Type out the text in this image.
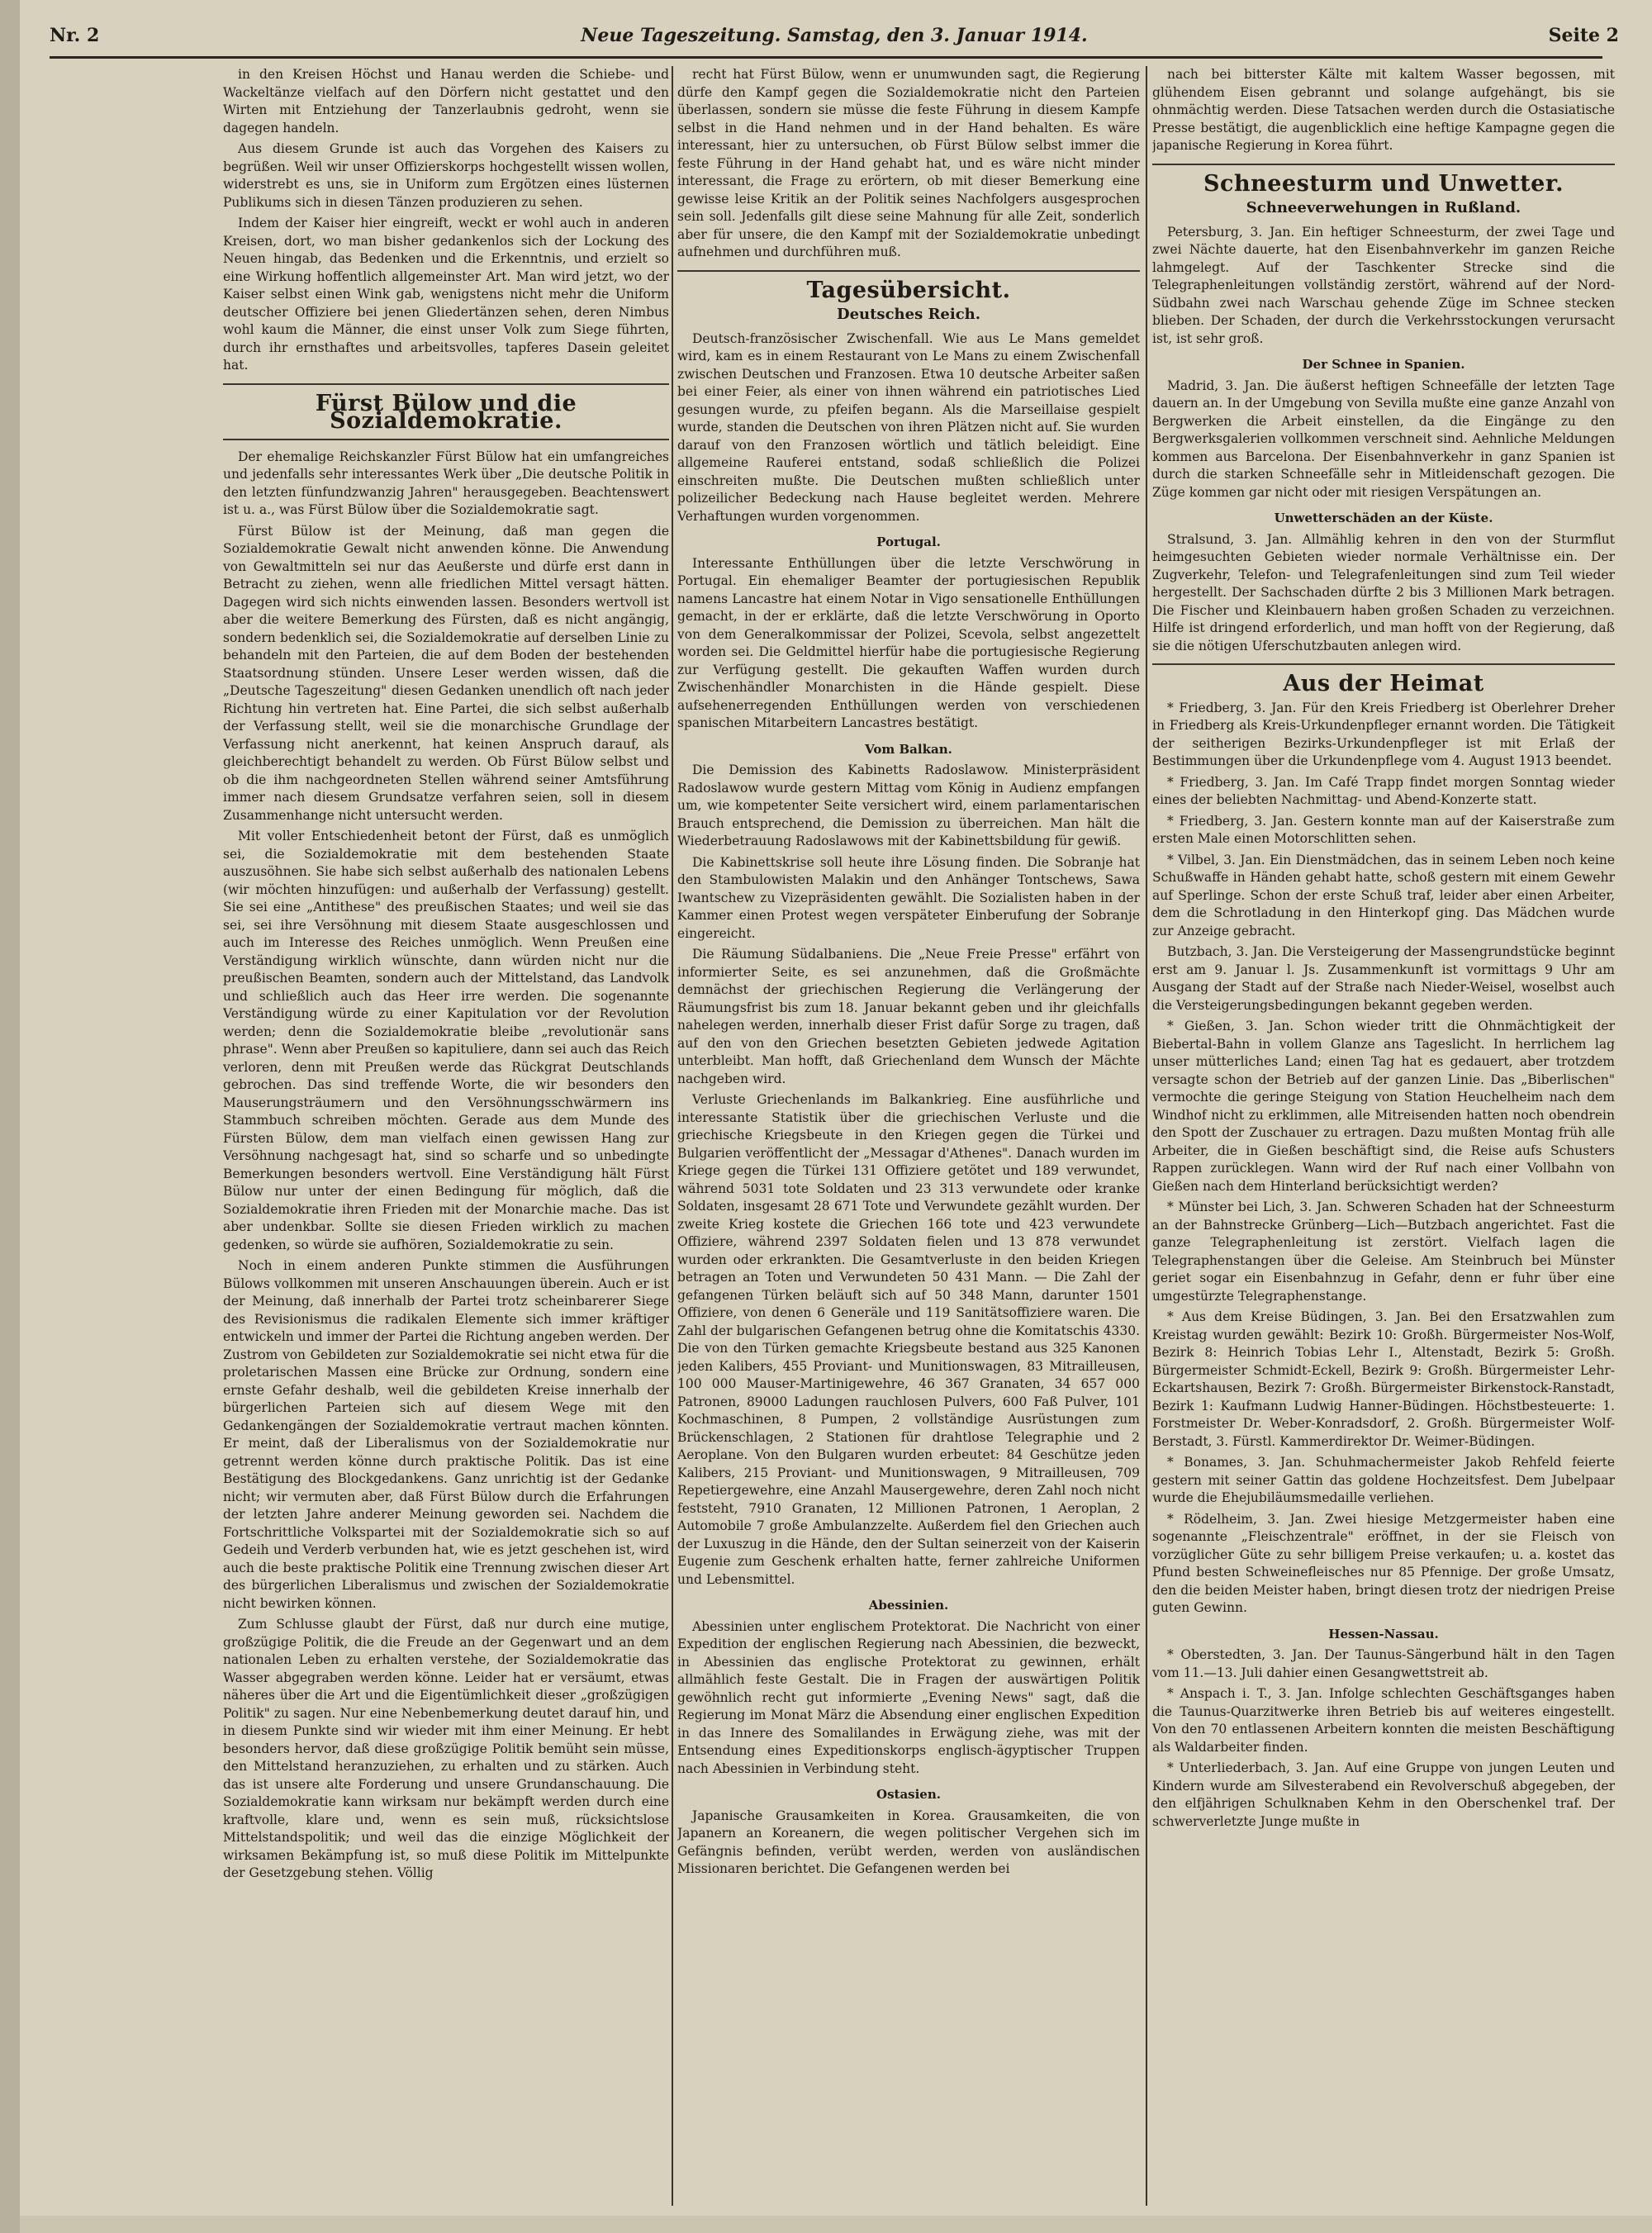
Nr. 2	Neue Tageszeitung. Samstag, den 3. Januar 1914.	Seite 2

in den Kreisen Höchst und Hanau werden die Schiebe- und Wackeltänze vielfach auf den Dörfern nicht gestattet und den Wirten mit Entziehung der Tanzerlaubnis gedroht, wenn sie dagegen handeln.

Aus diesem Grunde ist auch das Vorgehen des Kaisers zu begrüßen. Weil wir unser Offizierskorps hochgestellt wissen wollen, widerstrebt es uns, sie in Uniform zum Ergötzen eines lüsternen Publikums sich in diesen Tänzen produzieren zu sehen.

Indem der Kaiser hier eingreift, weckt er wohl auch in anderen Kreisen, dort, wo man bisher gedankenlos sich der Lockung des Neuen hingab, das Bedenken und die Erkenntnis, und erzielt so eine Wirkung hoffentlich allgemeinster Art. Man wird jetzt, wo der Kaiser selbst einen Wink gab, wenigstens nicht mehr die Uniform deutscher Offiziere bei jenen Gliedertänzen sehen, deren Nimbus wohl kaum die Männer, die einst unser Volk zum Siege führten, durch ihr ernsthaftes und arbeitsvolles, tapferes Dasein geleitet hat.

Fürst Bülow und die Sozialdemokratie.

Der ehemalige Reichskanzler Fürst Bülow hat ein umfangreiches und jedenfalls sehr interessantes Werk über „Die deutsche Politik in den letzten fünfundzwanzig Jahren" herausgegeben. Beachtenswert ist u. a., was Fürst Bülow über die Sozialdemokratie sagt.

Fürst Bülow ist der Meinung, daß man gegen die Sozialdemokratie Gewalt nicht anwenden könne. Die Anwendung von Gewaltmitteln sei nur das Aeußerste und dürfe erst dann in Betracht zu ziehen, wenn alle friedlichen Mittel versagt hätten. Dagegen wird sich nichts einwenden lassen. Besonders wertvoll ist aber die weitere Bemerkung des Fürsten, daß es nicht angängig, sondern bedenklich sei, die Sozialdemokratie auf derselben Linie zu behandeln mit den Parteien, die auf dem Boden der bestehenden Staatsordnung stünden. Unsere Leser werden wissen, daß die „Deutsche Tageszeitung" diesen Gedanken unendlich oft nach jeder Richtung hin vertreten hat. Eine Partei, die sich selbst außerhalb der Verfassung stellt, weil sie die monarchische Grundlage der Verfassung nicht anerkennt, hat keinen Anspruch darauf, als gleichberechtigt behandelt zu werden. Ob Fürst Bülow selbst und ob die ihm nachgeordneten Stellen während seiner Amtsführung immer nach diesem Grundsatze verfahren seien, soll in diesem Zusammenhange nicht untersucht werden.

Mit voller Entschiedenheit betont der Fürst, daß es unmöglich sei, die Sozialdemokratie mit dem bestehenden Staate auszusöhnen. Sie habe sich selbst außerhalb des nationalen Lebens (wir möchten hinzufügen: und außerhalb der Verfassung) gestellt. Sie sei eine „Antithese" des preußischen Staates; und weil sie das sei, sei ihre Versöhnung mit diesem Staate ausgeschlossen und auch im Interesse des Reiches unmöglich. Wenn Preußen eine Verständigung wirklich wünschte, dann würden nicht nur die preußischen Beamten, sondern auch der Mittelstand, das Landvolk und schließlich auch das Heer irre werden. Die sogenannte Verständigung würde zu einer Kapitulation vor der Revolution werden; denn die Sozialdemokratie bleibe „revolutionär sans phrase". Wenn aber Preußen so kapituliere, dann sei auch das Reich verloren, denn mit Preußen werde das Rückgrat Deutschlands gebrochen. Das sind treffende Worte, die wir besonders den Mauserungsträumern und den Versöhnungsschwärmern ins Stammbuch schreiben möchten. Gerade aus dem Munde des Fürsten Bülow, dem man vielfach einen gewissen Hang zur Versöhnung nachgesagt hat, sind so scharfe und so unbedingte Bemerkungen besonders wertvoll. Eine Verständigung hält Fürst Bülow nur unter der einen Bedingung für möglich, daß die Sozialdemokratie ihren Frieden mit der Monarchie mache. Das ist aber undenkbar. Sollte sie diesen Frieden wirklich zu machen gedenken, so würde sie aufhören, Sozialdemokratie zu sein.

Noch in einem anderen Punkte stimmen die Ausführungen Bülows vollkommen mit unseren Anschauungen überein. Auch er ist der Meinung, daß innerhalb der Partei trotz scheinbarerer Siege des Revisionismus die radikalen Elemente sich immer kräftiger entwickeln und immer der Partei die Richtung angeben werden. Der Zustrom von Gebildeten zur Sozialdemokratie sei nicht etwa für die proletarischen Massen eine Brücke zur Ordnung, sondern eine ernste Gefahr deshalb, weil die gebildeten Kreise innerhalb der bürgerlichen Parteien sich auf diesem Wege mit den Gedankengängen der Sozialdemokratie vertraut machen könnten. Er meint, daß der Liberalismus von der Sozialdemokratie nur getrennt werden könne durch praktische Politik. Das ist eine Bestätigung des Blockgedankens. Ganz unrichtig ist der Gedanke nicht; wir vermuten aber, daß Fürst Bülow durch die Erfahrungen der letzten Jahre anderer Meinung geworden sei. Nachdem die Fortschrittliche Volkspartei mit der Sozialdemokratie sich so auf Gedeih und Verderb verbunden hat, wie es jetzt geschehen ist, wird auch die beste praktische Politik eine Trennung zwischen dieser Art des bürgerlichen Liberalismus und zwischen der Sozialdemokratie nicht bewirken können.

Zum Schlusse glaubt der Fürst, daß nur durch eine mutige, großzügige Politik, die die Freude an der Gegenwart und an dem nationalen Leben zu erhalten verstehe, der Sozialdemokratie das Wasser abgegraben werden könne. Leider hat er versäumt, etwas näheres über die Art und die Eigentümlichkeit dieser „großzügigen Politik" zu sagen. Nur eine Nebenbemerkung deutet darauf hin, und in diesem Punkte sind wir wieder mit ihm einer Meinung. Er hebt besonders hervor, daß diese großzügige Politik bemüht sein müsse, den Mittelstand heranzuziehen, zu erhalten und zu stärken. Auch das ist unsere alte Forderung und unsere Grundanschauung. Die Sozialdemokratie kann wirksam nur bekämpft werden durch eine kraftvolle, klare und, wenn es sein muß, rücksichtslose Mittelstandspolitik; und weil das die einzige Möglichkeit der wirksamen Bekämpfung ist, so muß diese Politik im Mittelpunkte der Gesetzgebung stehen. Völlig

recht hat Fürst Bülow, wenn er unumwunden sagt, die Regierung dürfe den Kampf gegen die Sozialdemokratie nicht den Parteien überlassen, sondern sie müsse die feste Führung in diesem Kampfe selbst in die Hand nehmen und in der Hand behalten. Es wäre interessant, hier zu untersuchen, ob Fürst Bülow selbst immer die feste Führung in der Hand gehabt hat, und es wäre nicht minder interessant, die Frage zu erörtern, ob mit dieser Bemerkung eine gewisse leise Kritik an der Politik seines Nachfolgers ausgesprochen sein soll. Jedenfalls gilt diese seine Mahnung für alle Zeit, sonderlich aber für unsere, die den Kampf mit der Sozialdemokratie unbedingt aufnehmen und durchführen muß.

Tagesübersicht.
Deutsches Reich.

Deutsch-französischer Zwischenfall. Wie aus Le Mans gemeldet wird, kam es in einem Restaurant von Le Mans zu einem Zwischenfall zwischen Deutschen und Franzosen. Etwa 10 deutsche Arbeiter saßen bei einer Feier, als einer von ihnen während ein patriotisches Lied gesungen wurde, zu pfeifen begann. Als die Marseillaise gespielt wurde, standen die Deutschen von ihren Plätzen nicht auf. Sie wurden darauf von den Franzosen wörtlich und tätlich beleidigt. Eine allgemeine Rauferei entstand, sodaß schließlich die Polizei einschreiten mußte. Die Deutschen mußten schließlich unter polizeilicher Bedeckung nach Hause begleitet werden. Mehrere Verhaftungen wurden vorgenommen.

Portugal.

Interessante Enthüllungen über die letzte Verschwörung in Portugal. Ein ehemaliger Beamter der portugiesischen Republik namens Lancastre hat einem Notar in Vigo sensationelle Enthüllungen gemacht, in der er erklärte, daß die letzte Verschwörung in Oporto von dem Generalkommissar der Polizei, Scevola, selbst angezettelt worden sei. Die Geldmittel hierfür habe die portugiesische Regierung zur Verfügung gestellt. Die gekauften Waffen wurden durch Zwischenhändler Monarchisten in die Hände gespielt. Diese aufsehenerregenden Enthüllungen werden von verschiedenen spanischen Mitarbeitern Lancastres bestätigt.

Vom Balkan.

Die Demission des Kabinetts Radoslawow. Ministerpräsident Radoslawow wurde gestern Mittag vom König in Audienz empfangen um, wie kompetenter Seite versichert wird, einem parlamentarischen Brauch entsprechend, die Demission zu überreichen. Man hält die Wiederbetrauung Radoslawows mit der Kabinettsbildung für gewiß.

Die Kabinettskrise soll heute ihre Lösung finden. Die Sobranje hat den Stambulowisten Malakin und den Anhänger Tontschews, Sawa Iwantschew zu Vizepräsidenten gewählt. Die Sozialisten haben in der Kammer einen Protest wegen verspäteter Einberufung der Sobranje eingereicht.

Die Räumung Südalbaniens. Die „Neue Freie Presse" erfährt von informierter Seite, es sei anzunehmen, daß die Großmächte demnächst der griechischen Regierung die Verlängerung der Räumungsfrist bis zum 18. Januar bekannt geben und ihr gleichfalls nahelegen werden, innerhalb dieser Frist dafür Sorge zu tragen, daß auf den von den Griechen besetzten Gebieten jedwede Agitation unterbleibt. Man hofft, daß Griechenland dem Wunsch der Mächte nachgeben wird.

Verluste Griechenlands im Balkankrieg. Eine ausführliche und interessante Statistik über die griechischen Verluste und die griechische Kriegsbeute in den Kriegen gegen die Türkei und Bulgarien veröffentlicht der „Messagar d'Athenes". Danach wurden im Kriege gegen die Türkei 131 Offiziere getötet und 189 verwundet, während 5031 tote Soldaten und 23 313 verwundete oder kranke Soldaten, insgesamt 28 671 Tote und Verwundete gezählt wurden. Der zweite Krieg kostete die Griechen 166 tote und 423 verwundete Offiziere, während 2397 Soldaten fielen und 13 878 verwundet wurden oder erkrankten. Die Gesamtverluste in den beiden Kriegen betragen an Toten und Verwundeten 50 431 Mann. — Die Zahl der gefangenen Türken beläuft sich auf 50 348 Mann, darunter 1501 Offiziere, von denen 6 Generäle und 119 Sanitätsoffiziere waren. Die Zahl der bulgarischen Gefangenen betrug ohne die Komitatschis 4330. Die von den Türken gemachte Kriegsbeute bestand aus 325 Kanonen jeden Kalibers, 455 Proviant- und Munitionswagen, 83 Mitrailleusen, 100 000 Mauser-Martinigewehre, 46 367 Granaten, 34 657 000 Patronen, 89000 Ladungen rauchlosen Pulvers, 600 Faß Pulver, 101 Kochmaschinen, 8 Pumpen, 2 vollständige Ausrüstungen zum Brückenschlagen, 2 Stationen für drahtlose Telegraphie und 2 Aeroplane. Von den Bulgaren wurden erbeutet: 84 Geschütze jeden Kalibers, 215 Proviant- und Munitionswagen, 9 Mitrailleusen, 709 Repetiergewehre, eine Anzahl Mausergewehre, deren Zahl noch nicht feststeht, 7910 Granaten, 12 Millionen Patronen, 1 Aeroplan, 2 Automobile 7 große Ambulanzzelte. Außerdem fiel den Griechen auch der Luxuszug in die Hände, den der Sultan seinerzeit von der Kaiserin Eugenie zum Geschenk erhalten hatte, ferner zahlreiche Uniformen und Lebensmittel.

Abessinien.

Abessinien unter englischem Protektorat. Die Nachricht von einer Expedition der englischen Regierung nach Abessinien, die bezweckt, in Abessinien das englische Protektorat zu gewinnen, erhält allmählich feste Gestalt. Die in Fragen der auswärtigen Politik gewöhnlich recht gut informierte „Evening News" sagt, daß die Regierung im Monat März die Absendung einer englischen Expedition in das Innere des Somalilandes in Erwägung ziehe, was mit der Entsendung eines Expeditionskorps englisch-ägyptischer Truppen nach Abessinien in Verbindung steht.

Ostasien.

Japanische Grausamkeiten in Korea. Grausamkeiten, die von Japanern an Koreanern, die wegen politischer Vergehen sich im Gefängnis befinden, verübt werden, werden von ausländischen Missionaren berichtet. Die Gefangenen werden bei

nach bei bitterster Kälte mit kaltem Wasser begossen, mit glühendem Eisen gebrannt und solange aufgehängt, bis sie ohnmächtig werden. Diese Tatsachen werden durch die Ostasiatische Presse bestätigt, die augenblicklich eine heftige Kampagne gegen die japanische Regierung in Korea führt.

Schneesturm und Unwetter.
Schneeverwehungen in Rußland.

Petersburg, 3. Jan. Ein heftiger Schneesturm, der zwei Tage und zwei Nächte dauerte, hat den Eisenbahnverkehr im ganzen Reiche lahmgelegt. Auf der Taschkenter Strecke sind die Telegraphenleitungen vollständig zerstört, während auf der Nord-Südbahn zwei nach Warschau gehende Züge im Schnee stecken blieben. Der Schaden, der durch die Verkehrsstockungen verursacht ist, ist sehr groß.

Der Schnee in Spanien.

Madrid, 3. Jan. Die äußerst heftigen Schneefälle der letzten Tage dauern an. In der Umgebung von Sevilla mußte eine ganze Anzahl von Bergwerken die Arbeit einstellen, da die Eingänge zu den Bergwerksgalerien vollkommen verschneit sind. Aehnliche Meldungen kommen aus Barcelona. Der Eisenbahnverkehr in ganz Spanien ist durch die starken Schneefälle sehr in Mitleidenschaft gezogen. Die Züge kommen gar nicht oder mit riesigen Verspätungen an.

Unwetterschäden an der Küste.

Stralsund, 3. Jan. Allmählig kehren in den von der Sturmflut heimgesuchten Gebieten wieder normale Verhältnisse ein. Der Zugverkehr, Telefon- und Telegrafenleitungen sind zum Teil wieder hergestellt. Der Sachschaden dürfte 2 bis 3 Millionen Mark betragen. Die Fischer und Kleinbauern haben großen Schaden zu verzeichnen. Hilfe ist dringend erforderlich, und man hofft von der Regierung, daß sie die nötigen Uferschutzbauten anlegen wird.

Aus der Heimat

* Friedberg, 3. Jan. Für den Kreis Friedberg ist Oberlehrer Dreher in Friedberg als Kreis-Urkundenpfleger ernannt worden. Die Tätigkeit der seitherigen Bezirks-Urkundenpfleger ist mit Erlaß der Bestimmungen über die Urkundenpflege vom 4. August 1913 beendet.

* Friedberg, 3. Jan. Im Café Trapp findet morgen Sonntag wieder eines der beliebten Nachmittag- und Abend-Konzerte statt.

* Friedberg, 3. Jan. Gestern konnte man auf der Kaiserstraße zum ersten Male einen Motorschlitten sehen.

* Vilbel, 3. Jan. Ein Dienstmädchen, das in seinem Leben noch keine Schußwaffe in Händen gehabt hatte, schoß gestern mit einem Gewehr auf Sperlinge. Schon der erste Schuß traf, leider aber einen Arbeiter, dem die Schrotladung in den Hinterkopf ging. Das Mädchen wurde zur Anzeige gebracht.

Butzbach, 3. Jan. Die Versteigerung der Massengrundstücke beginnt erst am 9. Januar l. Js. Zusammenkunft ist vormittags 9 Uhr am Ausgang der Stadt auf der Straße nach Nieder-Weisel, woselbst auch die Versteigerungsbedingungen bekannt gegeben werden.

* Gießen, 3. Jan. Schon wieder tritt die Ohnmächtigkeit der Biebertal-Bahn in vollem Glanze ans Tageslicht. In herrlichem lag unser mütterliches Land; einen Tag hat es gedauert, aber trotzdem versagte schon der Betrieb auf der ganzen Linie. Das „Biberlischen" vermochte die geringe Steigung von Station Heuchelheim nach dem Windhof nicht zu erklimmen, alle Mitreisenden hatten noch obendrein den Spott der Zuschauer zu ertragen. Dazu mußten Montag früh alle Arbeiter, die in Gießen beschäftigt sind, die Reise aufs Schusters Rappen zurücklegen. Wann wird der Ruf nach einer Vollbahn von Gießen nach dem Hinterland berücksichtigt werden?

* Münster bei Lich, 3. Jan. Schweren Schaden hat der Schneesturm an der Bahnstrecke Grünberg—Lich—Butzbach angerichtet. Fast die ganze Telegraphenleitung ist zerstört. Vielfach lagen die Telegraphenstangen über die Geleise. Am Steinbruch bei Münster geriet sogar ein Eisenbahnzug in Gefahr, denn er fuhr über eine umgestürzte Telegraphenstange.

* Aus dem Kreise Büdingen, 3. Jan. Bei den Ersatzwahlen zum Kreistag wurden gewählt: Bezirk 10: Großh. Bürgermeister Nos-Wolf, Bezirk 8: Heinrich Tobias Lehr I., Altenstadt, Bezirk 5: Großh. Bürgermeister Schmidt-Eckell, Bezirk 9: Großh. Bürgermeister Lehr-Eckartshausen, Bezirk 7: Großh. Bürgermeister Birkenstock-Ranstadt, Bezirk 1: Kaufmann Ludwig Hanner-Büdingen. Höchstbesteuerte: 1. Forstmeister Dr. Weber-Konradsdorf, 2. Großh. Bürgermeister Wolf-Berstadt, 3. Fürstl. Kammerdirektor Dr. Weimer-Büdingen.

* Bonames, 3. Jan. Schuhmachermeister Jakob Rehfeld feierte gestern mit seiner Gattin das goldene Hochzeitsfest. Dem Jubelpaar wurde die Ehejubiläumsmedaille verliehen.

* Rödelheim, 3. Jan. Zwei hiesige Metzgermeister haben eine sogenannte „Fleischzentrale" eröffnet, in der sie Fleisch von vorzüglicher Güte zu sehr billigem Preise verkaufen; u. a. kostet das Pfund besten Schweinefleisches nur 85 Pfennige. Der große Umsatz, den die beiden Meister haben, bringt diesen trotz der niedrigen Preise guten Gewinn.

Hessen-Nassau.

* Oberstedten, 3. Jan. Der Taunus-Sängerbund hält in den Tagen vom 11.—13. Juli dahier einen Gesangwettstreit ab.

* Anspach i. T., 3. Jan. Infolge schlechten Geschäftsganges haben die Taunus-Quarzitwerke ihren Betrieb bis auf weiteres eingestellt. Von den 70 entlassenen Arbeitern konnten die meisten Beschäftigung als Waldarbeiter finden.

* Unterliederbach, 3. Jan. Auf eine Gruppe von jungen Leuten und Kindern wurde am Silvesterabend ein Revolverschuß abgegeben, der den elfjährigen Schulknaben Kehm in den Oberschenkel traf. Der schwerverletzte Junge mußte in
